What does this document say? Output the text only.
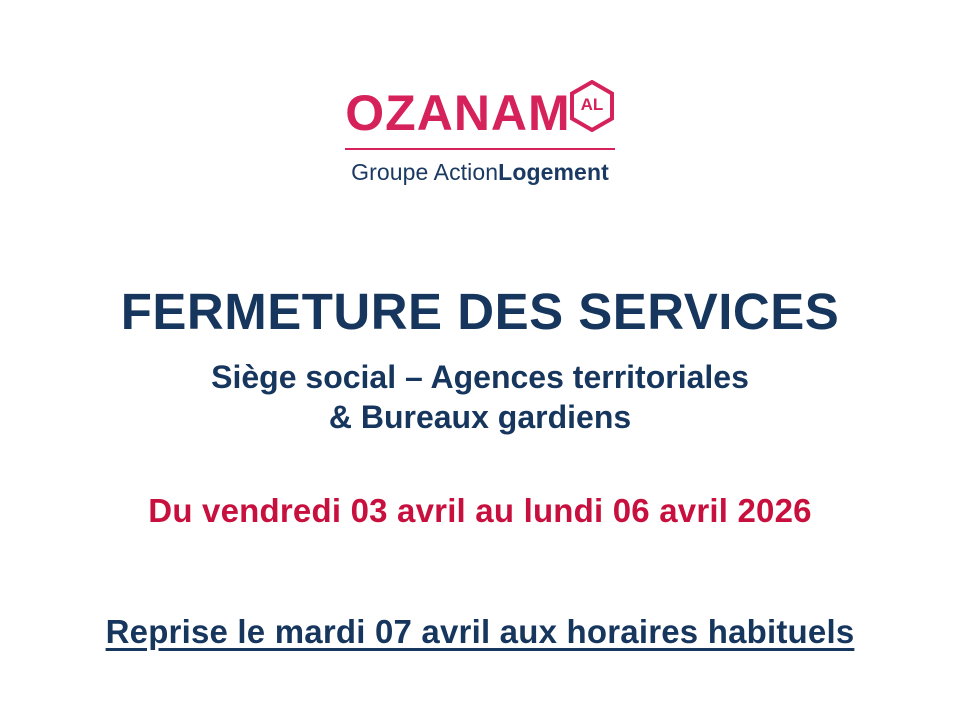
OZANAM AL
Groupe ActionLogement
FERMETURE DES SERVICES
Siège social – Agences territoriales
& Bureaux gardiens
Du vendredi 03 avril au lundi 06 avril 2026
Reprise le mardi 07 avril aux horaires habituels
